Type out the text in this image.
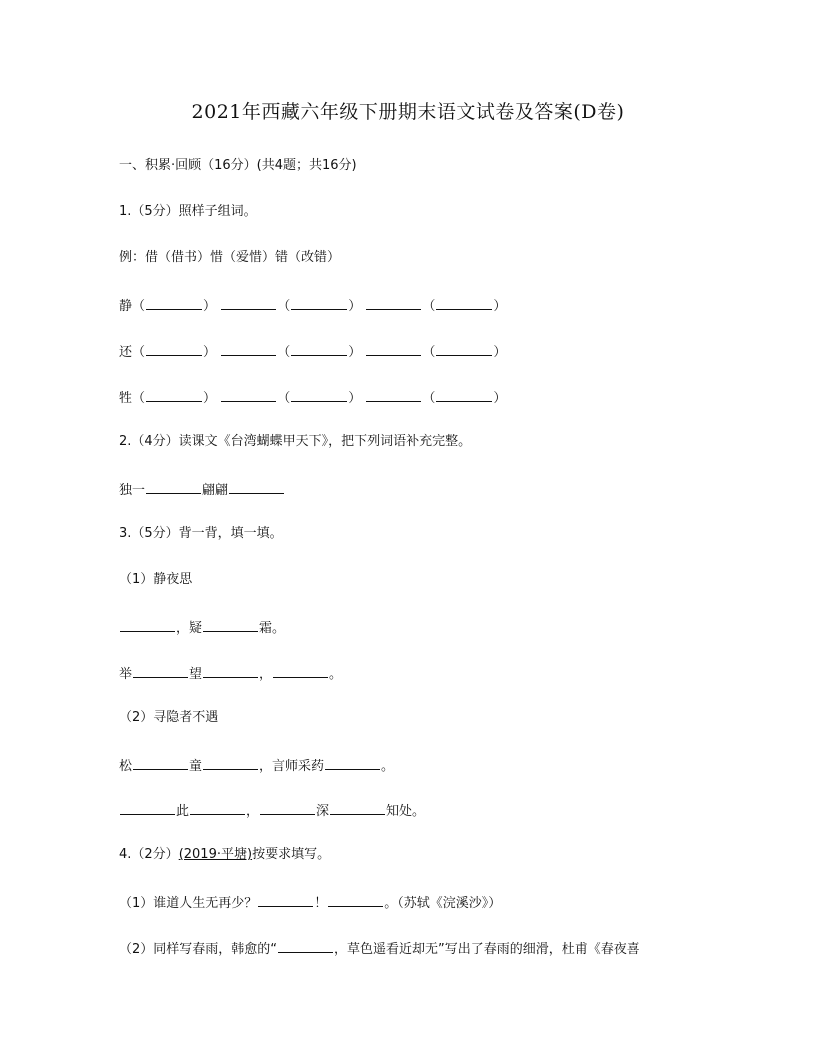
2021年西藏六年级下册期末语文试卷及答案(D卷)
一、积累·回顾（16分）(共4题；共16分)
1.（5分）照样子组词。
例：借（借书）惜（爱惜）错（改错）
静（	）	（	）	（	）
还（	）	（	）	（	）
牲（	）	（	）	（	）
2.（4分）读课文《台湾蝴蝶甲天下》，把下列词语补充完整。
独一	翩翩
3.（5分）背一背，填一填。
（1）静夜思
，疑	霜。
举	望	，	。
（2）寻隐者不遇
松	童	，言师采药	。
此	，	深	知处。
4.（2分）(2019·平塘)按要求填写。
（1）谁道人生无再少？	！	。（苏轼《浣溪沙》）
（2）同样写春雨，韩愈的“	，草色遥看近却无”写出了春雨的细滑，杜甫《春夜喜
